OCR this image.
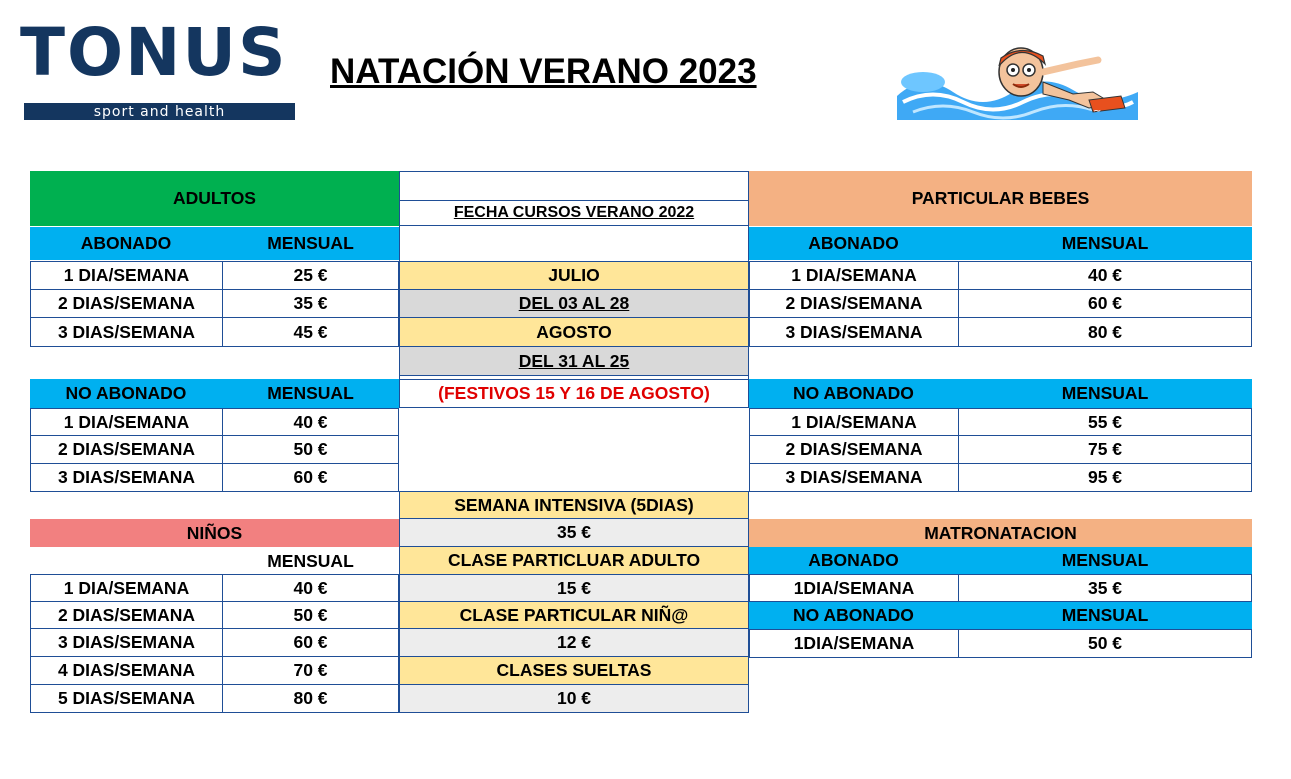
TONUS
sport and health
NATACIÓN VERANO 2023
~
ADULTOS
ABONADO	MENSUAL
1 DIA/SEMANA	25 €
2 DIAS/SEMANA	35 €
3 DIAS/SEMANA	45 €
NO ABONADO	MENSUAL
1 DIA/SEMANA	40 €
2 DIAS/SEMANA	50 €
3 DIAS/SEMANA	60 €
NIÑOS
MENSUAL
1 DIA/SEMANA	40 €
2 DIAS/SEMANA	50 €
3 DIAS/SEMANA	60 €
4 DIAS/SEMANA	70 €
5 DIAS/SEMANA	80 €
FECHA CURSOS VERANO 2022
JULIO
DEL 03 AL 28
AGOSTO
DEL 31 AL 25
(FESTIVOS 15 Y 16 DE AGOSTO)
SEMANA INTENSIVA (5DIAS)
35 €
CLASE PARTICLUAR ADULTO
15 €
CLASE PARTICULAR NIÑ@
12 €
CLASES SUELTAS
10 €
PARTICULAR BEBES
ABONADO	MENSUAL
1 DIA/SEMANA	40 €
2 DIAS/SEMANA	60 €
3 DIAS/SEMANA	80 €
NO ABONADO	MENSUAL
1 DIA/SEMANA	55 €
2 DIAS/SEMANA	75 €
3 DIAS/SEMANA	95 €
MATRONATACION
ABONADO	MENSUAL
1DIA/SEMANA	35 €
NO ABONADO	MENSUAL
1DIA/SEMANA	50 €
